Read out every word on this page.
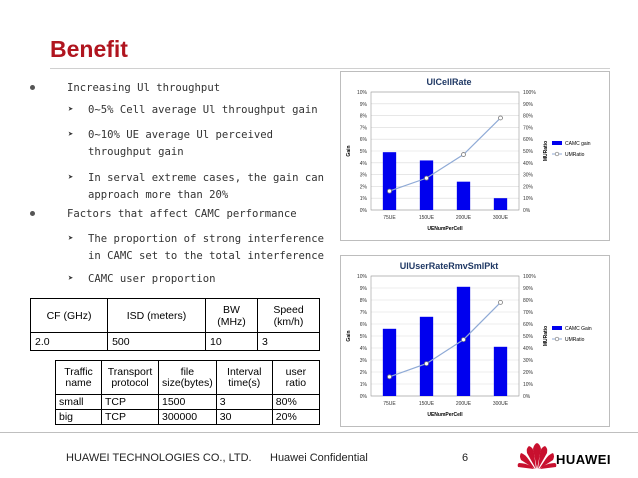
Benefit
Increasing Ul throughput
➤ 0~5% Cell average Ul throughput gain
➤ 0~10% UE average Ul perceived throughput gain
➤ In serval extreme cases, the gain can approach more than 20%
Factors that affect CAMC performance
➤ The proportion of strong interference in CAMC set to the total interference
➤ CAMC user proportion
CF (GHz)	ISD (meters)	BW (MHz)	Speed (km/h)
2.0	500	10	3
Traffic name	Transport protocol	file size(bytes)	Interval time(s)	user ratio
small	TCP	1500	3	80%
big	TCP	300000	30	20%
UlCellRate
0%
1%
2%
3%
4%
5%
6%
7%
8%
9%
10%
0%
10%
20%
30%
40%
50%
60%
70%
80%
90%
100%
Gain	MURatio
UENumPerCell
75UE	150UE	200UE	300UE
CAMC gain
UMRatio
UlUserRateRmvSmlPkt
0%
1%
2%
3%
4%
5%
6%
7%
8%
9%
10%
0%
10%
20%
30%
40%
50%
60%
70%
80%
90%
100%
Gain	MURatio
UENumPerCell
75UE	150UE	200UE	300UE
CAMC Gain
UMRatio
HUAWEI TECHNOLOGIES CO., LTD. Huawei Confidential	6	HUAWEI
